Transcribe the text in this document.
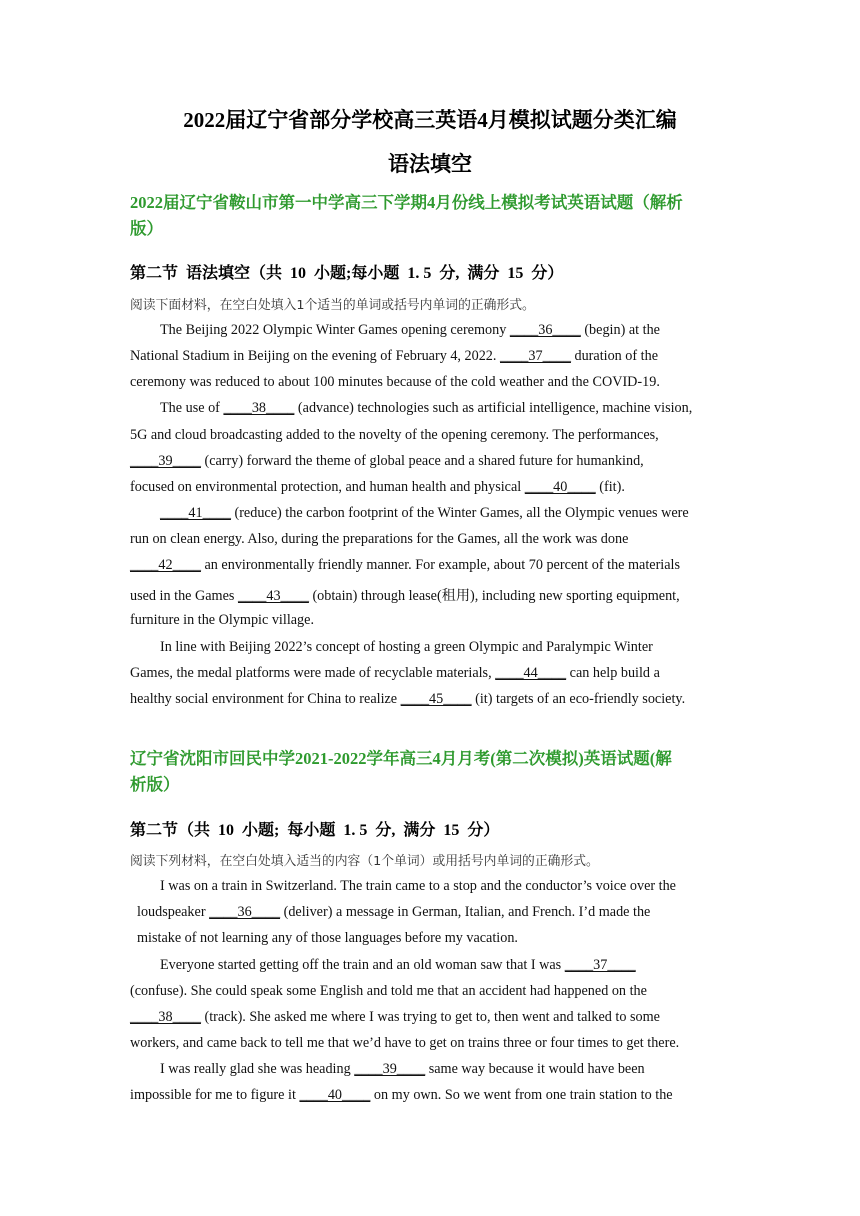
2022届辽宁省部分学校高三英语4月模拟试题分类汇编
语法填空
2022届辽宁省鞍山市第一中学高三下学期4月份线上模拟考试英语试题（解析
版）
第二节  语法填空（共  10  小题;每小题  1. 5  分,  满分  15  分）
阅读下面材料，在空白处填入1个适当的单词或括号内单词的正确形式。
The Beijing 2022 Olympic Winter Games opening ceremony ____36____ (begin) at the
National Stadium in Beijing on the evening of February 4, 2022. ____37____ duration of the
ceremony was reduced to about 100 minutes because of the cold weather and the COVID-19.
The use of ____38____ (advance) technologies such as artificial intelligence, machine vision,
5G and cloud broadcasting added to the novelty of the opening ceremony. The performances,
____39____ (carry) forward the theme of global peace and a shared future for humankind,
focused on environmental protection, and human health and physical ____40____ (fit).
____41____ (reduce) the carbon footprint of the Winter Games, all the Olympic venues were
run on clean energy. Also, during the preparations for the Games, all the work was done
____42____ an environmentally friendly manner. For example, about 70 percent of the materials
used in the Games ____43____ (obtain) through lease(租用), including new sporting equipment,
furniture in the Olympic village.
In line with Beijing 2022’s concept of hosting a green Olympic and Paralympic Winter
Games, the medal platforms were made of recyclable materials, ____44____ can help build a
healthy social environment for China to realize ____45____ (it) targets of an eco-friendly society.
辽宁省沈阳市回民中学2021-2022学年高三4月月考(第二次模拟)英语试题(解
析版）
第二节（共  10  小题;  每小题  1. 5  分,  满分  15  分）
阅读下列材料，在空白处填入适当的内容（1个单词）或用括号内单词的正确形式。
I was on a train in Switzerland. The train came to a stop and the conductor’s voice over the
loudspeaker ____36____ (deliver) a message in German, Italian, and French. I’d made the
mistake of not learning any of those languages before my vacation.
Everyone started getting off the train and an old woman saw that I was ____37____
(confuse). She could speak some English and told me that an accident had happened on the
____38____ (track). She asked me where I was trying to get to, then went and talked to some
workers, and came back to tell me that we’d have to get on trains three or four times to get there.
I was really glad she was heading ____39____ same way because it would have been
impossible for me to figure it ____40____ on my own. So we went from one train station to the
